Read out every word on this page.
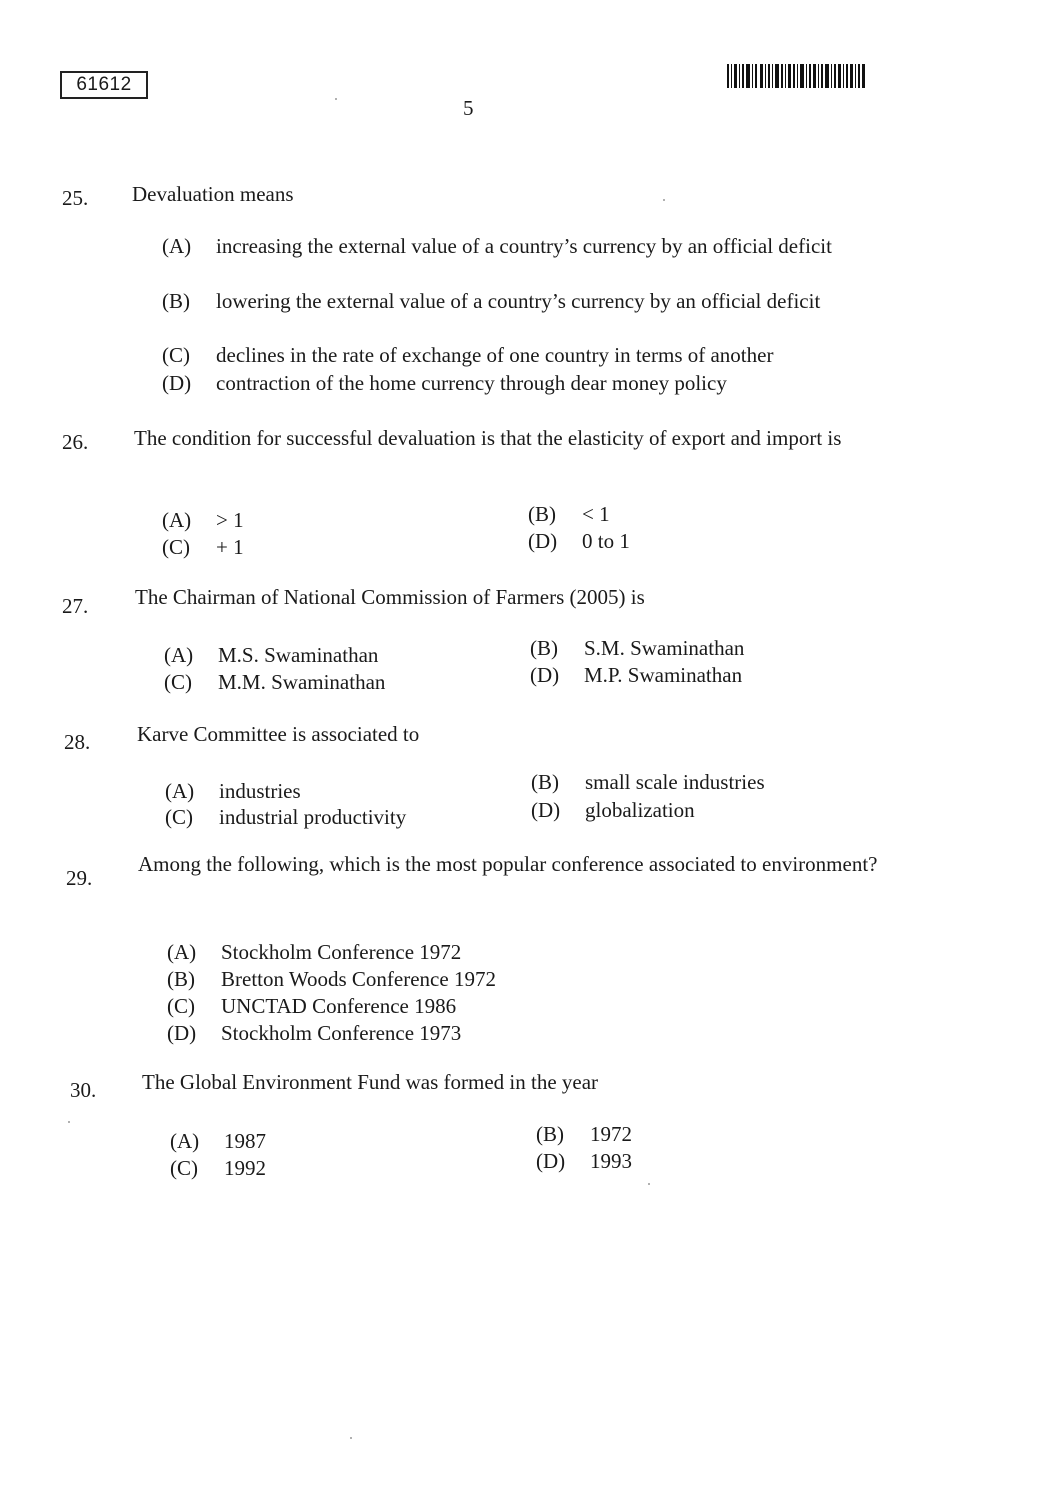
61612
5
25. Devaluation means
(A)	increasing the external value of a country’s currency by an official deficit
(B)	lowering the external value of a country’s currency by an official deficit
(C) declines in the rate of exchange of one country in terms of another
(D) contraction of the home currency through dear money policy
26. The condition for successful devaluation is that the elasticity of export and import is
(A) > 1	(B) < 1
(C) + 1	(D) 0 to 1
27. The Chairman of National Commission of Farmers (2005) is
(A) M.S. Swaminathan	(B) S.M. Swaminathan
(C) M.M. Swaminathan	(D) M.P. Swaminathan
28. Karve Committee is associated to
(A) industries	(B) small scale industries
(C) industrial productivity	(D) globalization
29.
Among the following, which is the most popular conference associated to environment?
(A) Stockholm Conference 1972
(B) Bretton Woods Conference 1972
(C) UNCTAD Conference 1986
(D) Stockholm Conference 1973
30. The Global Environment Fund was formed in the year
(A) 1987	(B) 1972
(C) 1992	(D) 1993
